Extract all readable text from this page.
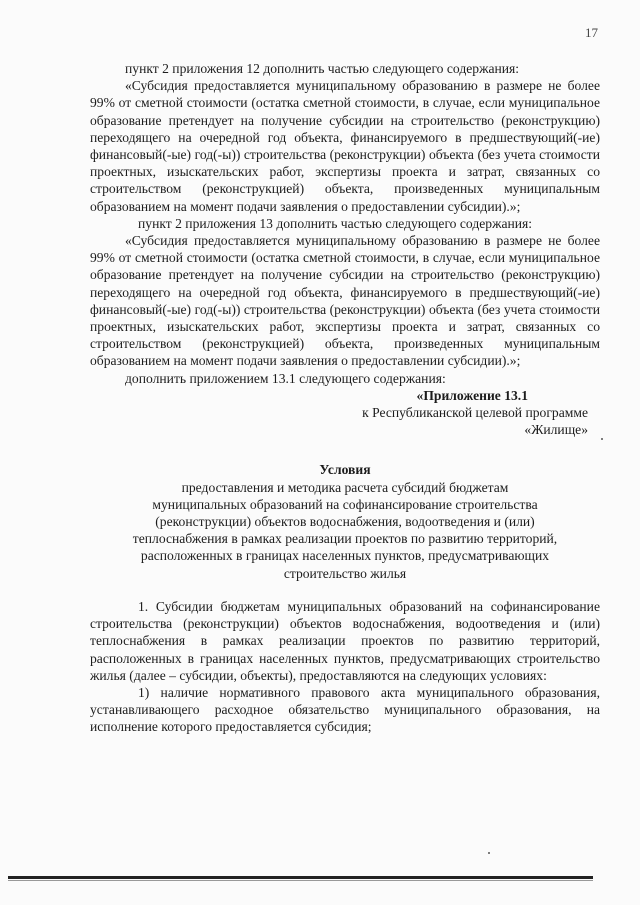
17

пункт 2 приложения 12 дополнить частью следующего содержания:

«Субсидия предоставляется муниципальному образованию в размере не более 99% от сметной стоимости (остатка сметной стоимости, в случае, если муниципальное образование претендует на получение субсидии на строительство (реконструкцию) переходящего на очередной год объекта, финансируемого в предшествующий(-ие) финансовый(-ые) год(-ы)) строительства (реконструкции) объекта (без учета стоимости проектных, изыскательских работ, экспертизы проекта и затрат, связанных со строительством (реконструкцией) объекта, произведенных муниципальным образованием на момент подачи заявления о предоставлении субсидии).»;

пункт 2 приложения 13 дополнить частью следующего содержания:

«Субсидия предоставляется муниципальному образованию в размере не более 99% от сметной стоимости (остатка сметной стоимости, в случае, если муниципальное образование претендует на получение субсидии на строительство (реконструкцию) переходящего на очередной год объекта, финансируемого в предшествующий(-ие) финансовый(-ые) год(-ы)) строительства (реконструкции) объекта (без учета стоимости проектных, изыскательских работ, экспертизы проекта и затрат, связанных со строительством (реконструкцией) объекта, произведенных муниципальным образованием на момент подачи заявления о предоставлении субсидии).»;

дополнить приложением 13.1 следующего содержания:

«Приложение 13.1
к Республиканской целевой программе
«Жилище»
Условия

предоставления и методика расчета субсидий бюджетам

муниципальных образований на софинансирование строительства

(реконструкции) объектов водоснабжения, водоотведения и (или)

теплоснабжения в рамках реализации проектов по развитию территорий,

расположенных в границах населенных пунктов, предусматривающих

строительство жилья

1. Субсидии бюджетам муниципальных образований на софинансирование строительства (реконструкции) объектов водоснабжения, водоотведения и (или) теплоснабжения в рамках реализации проектов по развитию территорий, расположенных в границах населенных пунктов, предусматривающих строительство жилья (далее – субсидии, объекты), предоставляются на следующих условиях:

1) наличие нормативного правового акта муниципального образования, устанавливающего расходное обязательство муниципального образования, на исполнение которого предоставляется субсидия;
